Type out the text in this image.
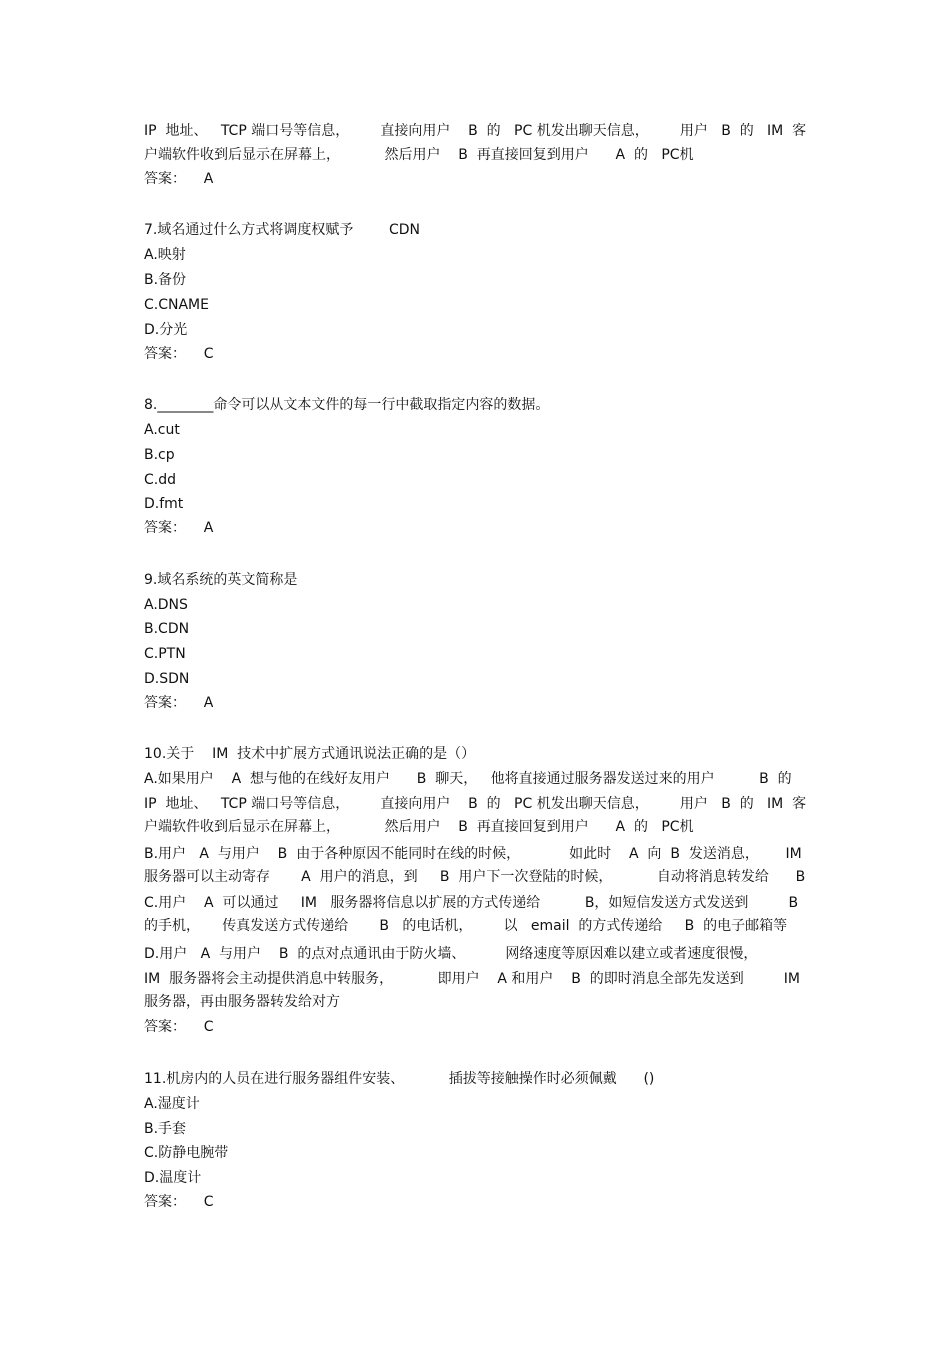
IP  地址、   TCP 端口号等信息，       直接向用户    B  的   PC 机发出聊天信息，       用户   B  的   IM  客
户端软件收到后显示在屏幕上，          然后用户    B  再直接回复到用户      A  的   PC机
答案：    A
7.域名通过什么方式将调度权赋予        CDN
A.映射
B.备份
C.CNAME
D.分光
答案：    C
8.________命令可以从文本文件的每一行中截取指定内容的数据。
A.cut
B.cp
C.dd
D.fmt
答案：    A
9.域名系统的英文简称是
A.DNS
B.CDN
C.PTN
D.SDN
答案：    A
10.关于    IM  技术中扩展方式通讯说法正确的是（）
A.如果用户    A  想与他的在线好友用户      B  聊天，   他将直接通过服务器发送过来的用户          B  的
IP  地址、   TCP 端口号等信息，       直接向用户    B  的   PC 机发出聊天信息，       用户   B  的   IM  客
户端软件收到后显示在屏幕上，          然后用户    B  再直接回复到用户      A  的   PC机
B.用户   A  与用户    B  由于各种原因不能同时在线的时候，           如此时    A  向  B  发送消息，      IM
服务器可以主动寄存       A  用户的消息，到     B  用户下一次登陆的时候，          自动将消息转发给      B
C.用户    A  可以通过     IM   服务器将信息以扩展的方式传递给          B，如短信发送方式发送到         B
的手机，     传真发送方式传递给       B   的电话机，       以   email  的方式传递给     B  的电子邮箱等
D.用户   A  与用户    B  的点对点通讯由于防火墙、         网络速度等原因难以建立或者速度很慢，
IM  服务器将会主动提供消息中转服务，          即用户    A 和用户    B  的即时消息全部先发送到         IM
服务器，再由服务器转发给对方
答案：    C
11.机房内的人员在进行服务器组件安装、          插拔等接触操作时必须佩戴      ()
A.湿度计
B.手套
C.防静电腕带
D.温度计
答案：    C
